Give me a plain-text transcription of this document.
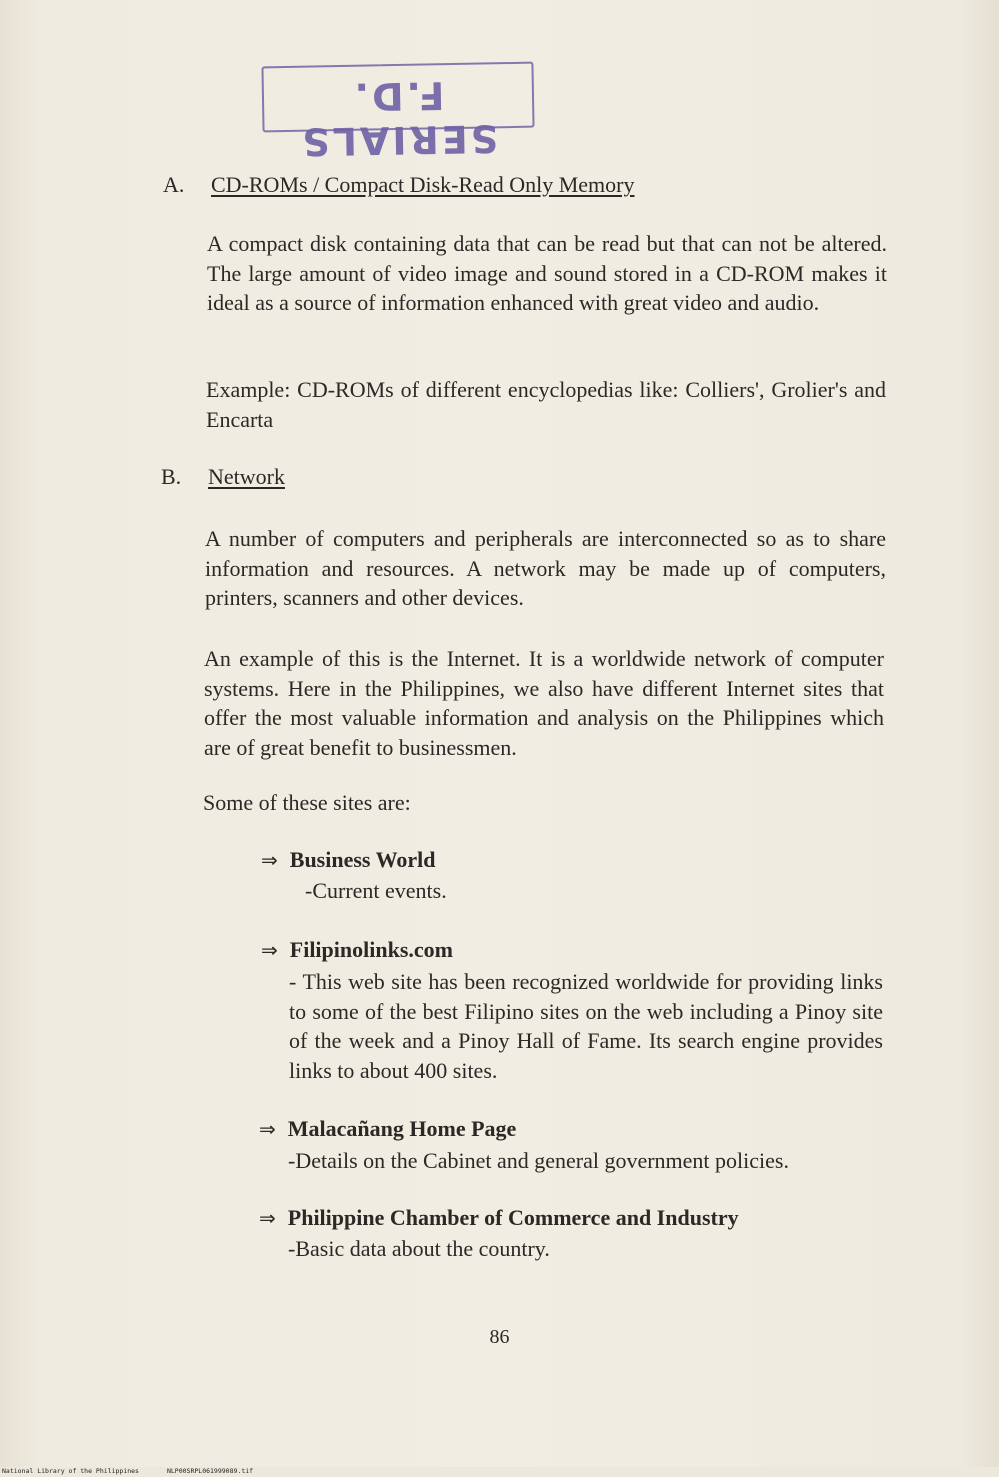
SERIALS F.D.
A. CD-ROMs / Compact Disk-Read Only Memory
A compact disk containing data that can be read but that can not be altered. The large amount of video image and sound stored in a CD-ROM makes it ideal as a source of information enhanced with great video and audio.
Example: CD-ROMs of different encyclopedias like: Colliers', Grolier's and Encarta
B. Network
A number of computers and peripherals are interconnected so as to share information and resources. A network may be made up of computers, printers, scanners and other devices.
An example of this is the Internet. It is a worldwide network of computer systems. Here in the Philippines, we also have different Internet sites that offer the most valuable information and analysis on the Philippines which are of great benefit to businessmen.
Some of these sites are:
⇒ Business World
-Current events.
⇒ Filipinolinks.com
- This web site has been recognized worldwide for providing links to some of the best Filipino sites on the web including a Pinoy site of the week and a Pinoy Hall of Fame. Its search engine provides links to about 400 sites.
⇒ Malacañang Home Page
-Details on the Cabinet and general government policies.
⇒ Philippine Chamber of Commerce and Industry
-Basic data about the country.
86
National Library of the Philippines	NLP00SRPL061999089.tif
